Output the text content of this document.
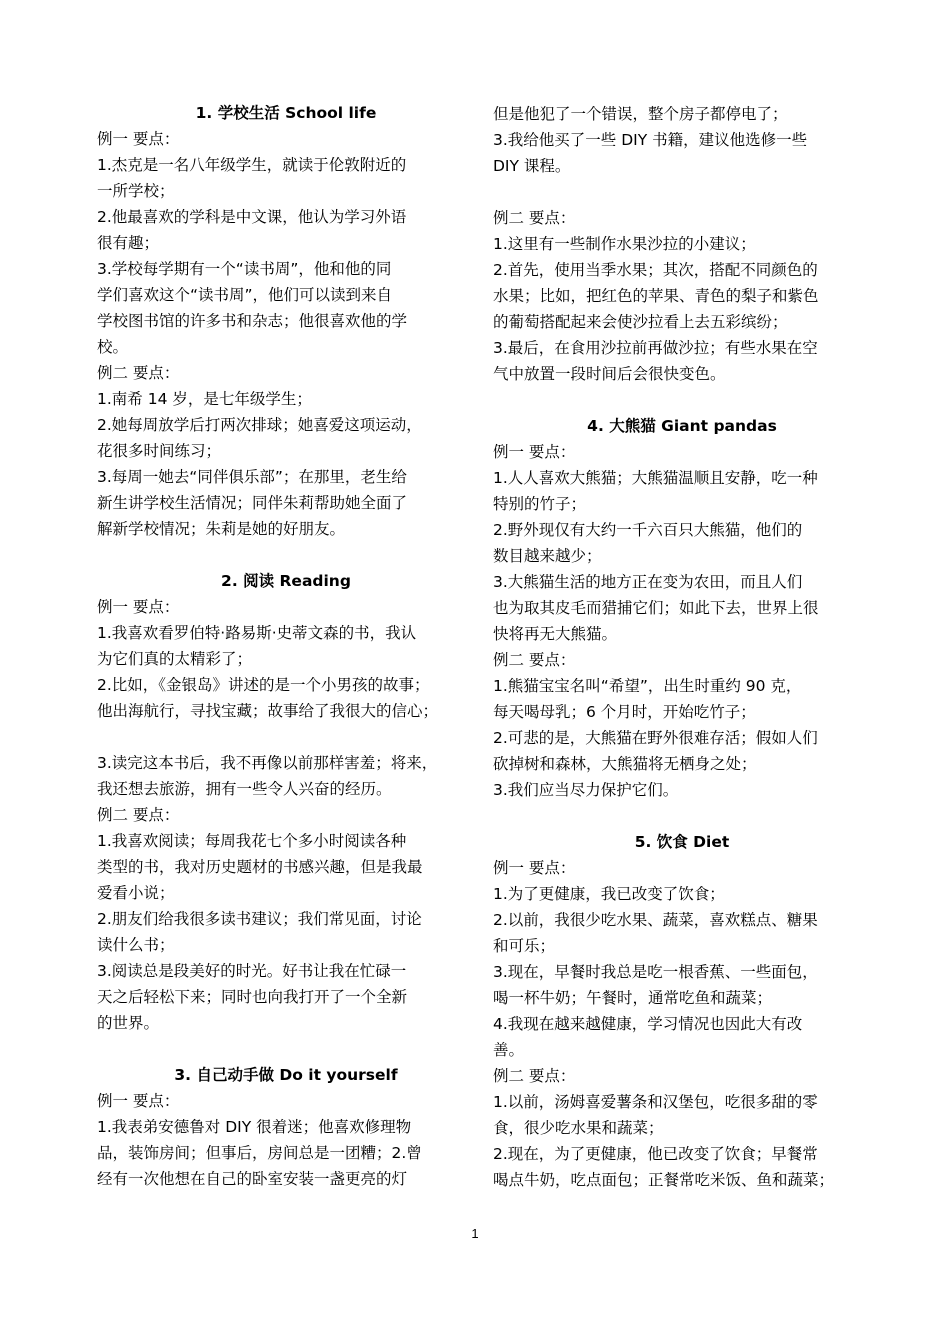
1. 学校生活 School life
例一 要点：
1.杰克是一名八年级学生，就读于伦敦附近的
一所学校；
2.他最喜欢的学科是中文课，他认为学习外语
很有趣；
3.学校每学期有一个“读书周”，他和他的同
学们喜欢这个“读书周”，他们可以读到来自
学校图书馆的许多书和杂志；他很喜欢他的学
校。
例二 要点：
1.南希 14 岁，是七年级学生；
2.她每周放学后打两次排球；她喜爱这项运动，
花很多时间练习；
3.每周一她去“同伴俱乐部”；在那里，老生给
新生讲学校生活情况；同伴朱莉帮助她全面了
解新学校情况；朱莉是她的好朋友。
2. 阅读 Reading
例一 要点：
1.我喜欢看罗伯特·路易斯·史蒂文森的书，我认
为它们真的太精彩了；
2.比如，《金银岛》讲述的是一个小男孩的故事；
他出海航行，寻找宝藏；故事给了我很大的信心；
3.读完这本书后，我不再像以前那样害羞；将来，
我还想去旅游，拥有一些令人兴奋的经历。
例二 要点：
1.我喜欢阅读；每周我花七个多小时阅读各种
类型的书，我对历史题材的书感兴趣，但是我最
爱看小说；
2.朋友们给我很多读书建议；我们常见面，讨论
读什么书；
3.阅读总是段美好的时光。好书让我在忙碌一
天之后轻松下来；同时也向我打开了一个全新
的世界。
3. 自己动手做 Do it yourself
例一 要点：
1.我表弟安德鲁对 DIY 很着迷；他喜欢修理物
品，装饰房间；但事后，房间总是一团糟；2.曾
经有一次他想在自己的卧室安装一盏更亮的灯
但是他犯了一个错误，整个房子都停电了；
3.我给他买了一些 DIY 书籍，建议他选修一些
DIY 课程。
例二 要点：
1.这里有一些制作水果沙拉的小建议；
2.首先，使用当季水果；其次，搭配不同颜色的
水果；比如，把红色的苹果、青色的梨子和紫色
的葡萄搭配起来会使沙拉看上去五彩缤纷；
3.最后，在食用沙拉前再做沙拉；有些水果在空
气中放置一段时间后会很快变色。
4. 大熊猫 Giant pandas
例一 要点：
1.人人喜欢大熊猫；大熊猫温顺且安静，吃一种
特别的竹子；
2.野外现仅有大约一千六百只大熊猫，他们的
数目越来越少；
3.大熊猫生活的地方正在变为农田，而且人们
也为取其皮毛而猎捕它们；如此下去，世界上很
快将再无大熊猫。
例二 要点：
1.熊猫宝宝名叫“希望”，出生时重约 90 克，
每天喝母乳；6 个月时，开始吃竹子；
2.可悲的是，大熊猫在野外很难存活；假如人们
砍掉树和森林，大熊猫将无栖身之处；
3.我们应当尽力保护它们。
5. 饮食 Diet
例一 要点：
1.为了更健康，我已改变了饮食；
2.以前，我很少吃水果、蔬菜，喜欢糕点、糖果
和可乐；
3.现在，早餐时我总是吃一根香蕉、一些面包，
喝一杯牛奶；午餐时，通常吃鱼和蔬菜；
4.我现在越来越健康，学习情况也因此大有改
善。
例二 要点：
1.以前，汤姆喜爱薯条和汉堡包，吃很多甜的零
食，很少吃水果和蔬菜；
2.现在，为了更健康，他已改变了饮食；早餐常
喝点牛奶，吃点面包；正餐常吃米饭、鱼和蔬菜；
1
